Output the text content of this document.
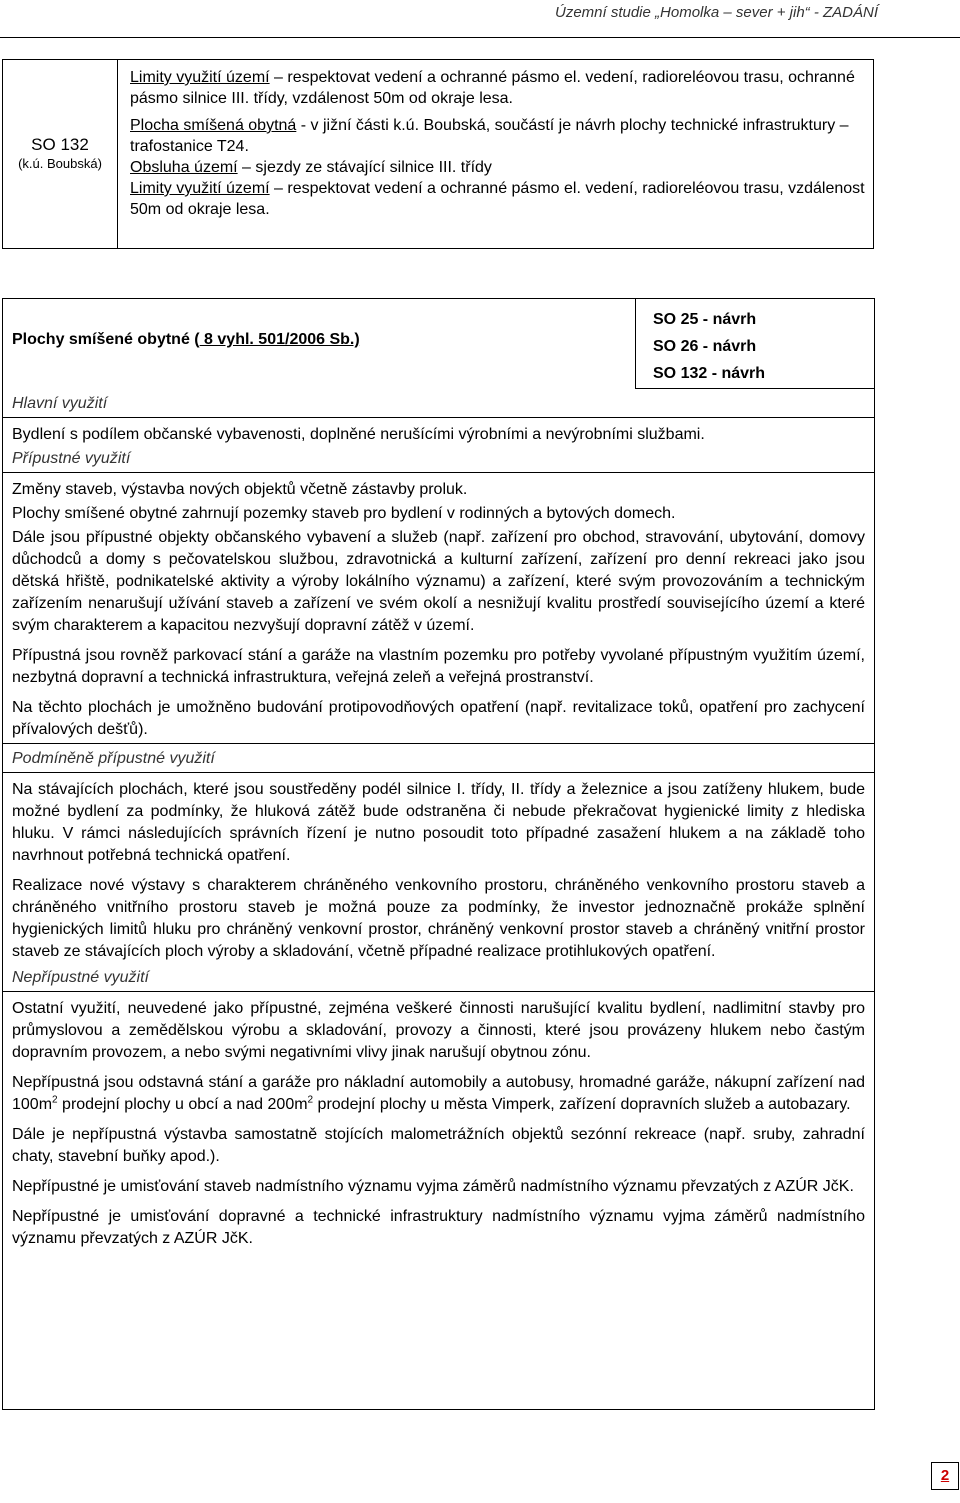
Územní studie „Homolka – sever + jih“ - ZADÁNÍ
SO 132
(k.ú. Boubská)

Limity využití území – respektovat vedení a ochranné pásmo el. vedení, radioreléovou trasu, ochranné pásmo silnice III. třídy, vzdálenost 50m od okraje lesa.

Plocha smíšená obytná - v jižní části k.ú. Boubská, součástí je návrh plochy technické infrastruktury – trafostanice T24.

Obsluha území – sjezdy ze stávající silnice III. třídy

Limity využití území – respektovat vedení a ochranné pásmo el. vedení, radioreléovou trasu, vzdálenost 50m od okraje lesa.

Plochy smíšené obytné ( 8 vyhl. 501/2006 Sb.)
SO 25 - návrh
SO 26 - návrh
SO 132 - návrh
Hlavní využití

Bydlení s podílem občanské vybavenosti, doplněné nerušícími výrobními a nevýrobními službami.

Přípustné využití

Změny staveb, výstavba nových objektů včetně zástavby proluk.

Plochy smíšené obytné zahrnují pozemky staveb pro bydlení v rodinných a bytových domech.

Dále jsou přípustné objekty občanského vybavení a služeb (např. zařízení pro obchod, stravování, ubytování, domovy důchodců a domy s pečovatelskou službou, zdravotnická a kulturní zařízení, zařízení pro denní rekreaci jako jsou dětská hřiště, podnikatelské aktivity a výroby lokálního významu) a zařízení, které svým provozováním a technickým zařízením nenarušují užívání staveb a zařízení ve svém okolí a nesnižují kvalitu prostředí souvisejícího území a které svým charakterem a kapacitou nezvyšují dopravní zátěž v území.

Přípustná jsou rovněž parkovací stání a garáže na vlastním pozemku pro potřeby vyvolané přípustným využitím území, nezbytná dopravní a technická infrastruktura, veřejná zeleň a veřejná prostranství.

Na těchto plochách je umožněno budování protipovodňových opatření (např. revitalizace toků, opatření pro zachycení přívalových dešťů).

Podmíněně přípustné využití

Na stávajících plochách, které jsou soustředěny podél silnice I. třídy, II. třídy a železnice a jsou zatíženy hlukem, bude možné bydlení za podmínky, že hluková zátěž bude odstraněna či nebude překračovat hygienické limity z hlediska hluku. V rámci následujících správních řízení je nutno posoudit toto případné zasažení hlukem a na základě toho navrhnout potřebná technická opatření.

Realizace nové výstavy s charakterem chráněného venkovního prostoru, chráněného venkovního prostoru staveb a chráněného vnitřního prostoru staveb je možná pouze za podmínky, že investor jednoznačně prokáže splnění hygienických limitů hluku pro chráněný venkovní prostor, chráněný venkovní prostor staveb a chráněný vnitřní prostor staveb ze stávajících ploch výroby a skladování, včetně případné realizace protihlukových opatření.

Nepřípustné využití

Ostatní využití, neuvedené jako přípustné, zejména veškeré činnosti narušující kvalitu bydlení, nadlimitní stavby pro průmyslovou a zemědělskou výrobu a skladování, provozy a činnosti, které jsou provázeny hlukem nebo častým dopravním provozem, a nebo svými negativními vlivy jinak narušují obytnou zónu.

Nepřípustná jsou odstavná stání a garáže pro nákladní automobily a autobusy, hromadné garáže, nákupní zařízení nad $100m^2$ prodejní plochy u obcí a nad $200m^2$ prodejní plochy u města Vimperk, zařízení dopravních služeb a autobazary.

Dále je nepřípustná výstavba samostatně stojících malometrážních objektů sezónní rekreace (např. sruby, zahradní chaty, stavební buňky apod.).

Nepřípustné je umisťování staveb nadmístního významu vyjma záměrů nadmístního významu převzatých z AZÚR JčK.

Nepřípustné je umisťování dopravné a technické infrastruktury nadmístního významu vyjma záměrů nadmístního významu převzatých z AZÚR JčK.

2
